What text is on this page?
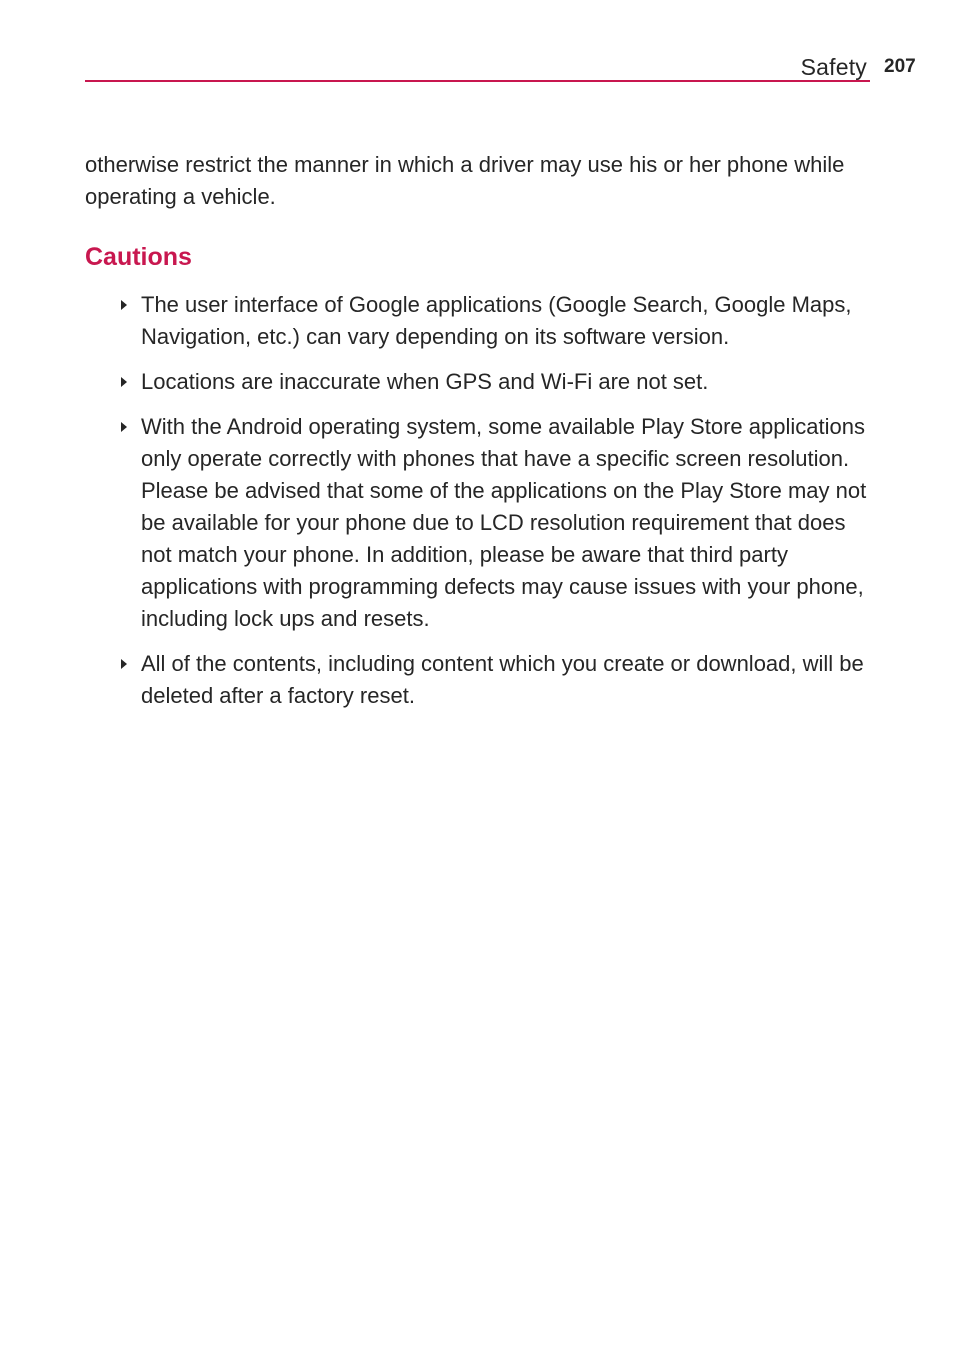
Safety 207

otherwise restrict the manner in which a driver may use his or her phone while operating a vehicle.

Cautions
The user interface of Google applications (Google Search, Google Maps, Navigation, etc.) can vary depending on its software version.
Locations are inaccurate when GPS and Wi-Fi are not set.
With the Android operating system, some available Play Store applications only operate correctly with phones that have a specific screen resolution.
Please be advised that some of the applications on the Play Store may not be available for your phone due to LCD resolution requirement that does not match your phone. In addition, please be aware that third party applications with programming defects may cause issues with your phone, including lock ups and resets.
All of the contents, including content which you create or download, will be deleted after a factory reset.
